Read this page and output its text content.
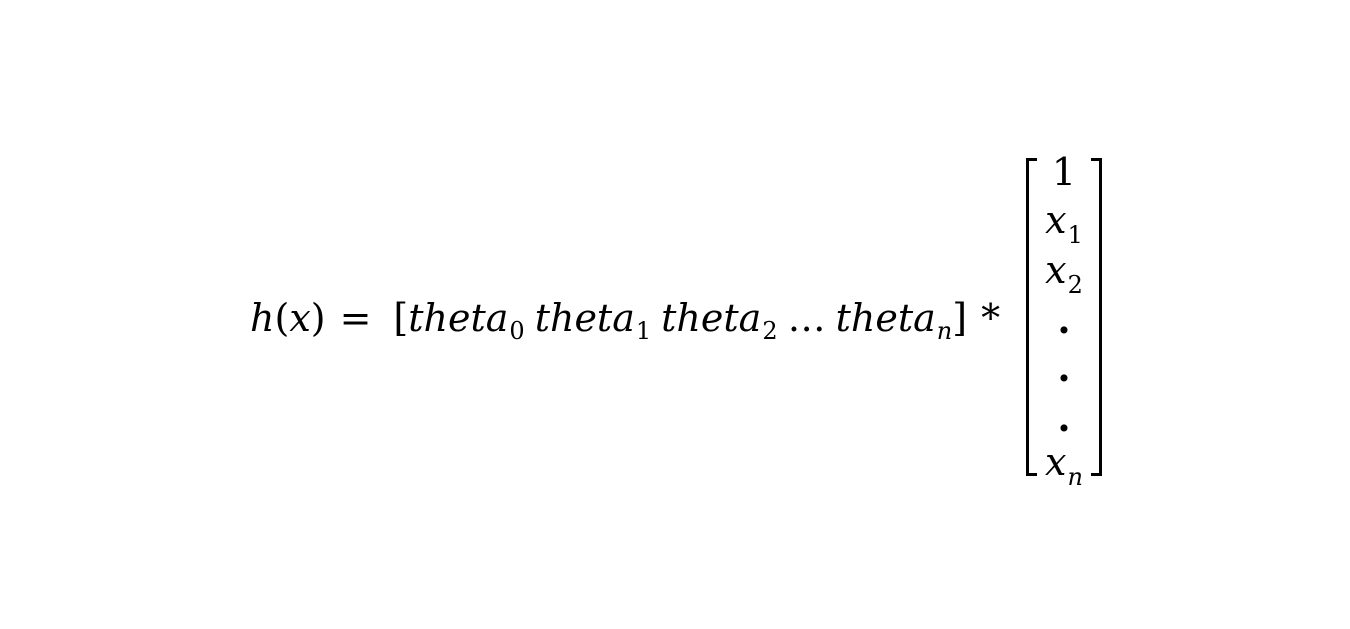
h ( x ) = [ theta 0 theta 1 theta 2 … theta n ] *
1
$x_1$
$x_2$
.
.
.
$x_n$
